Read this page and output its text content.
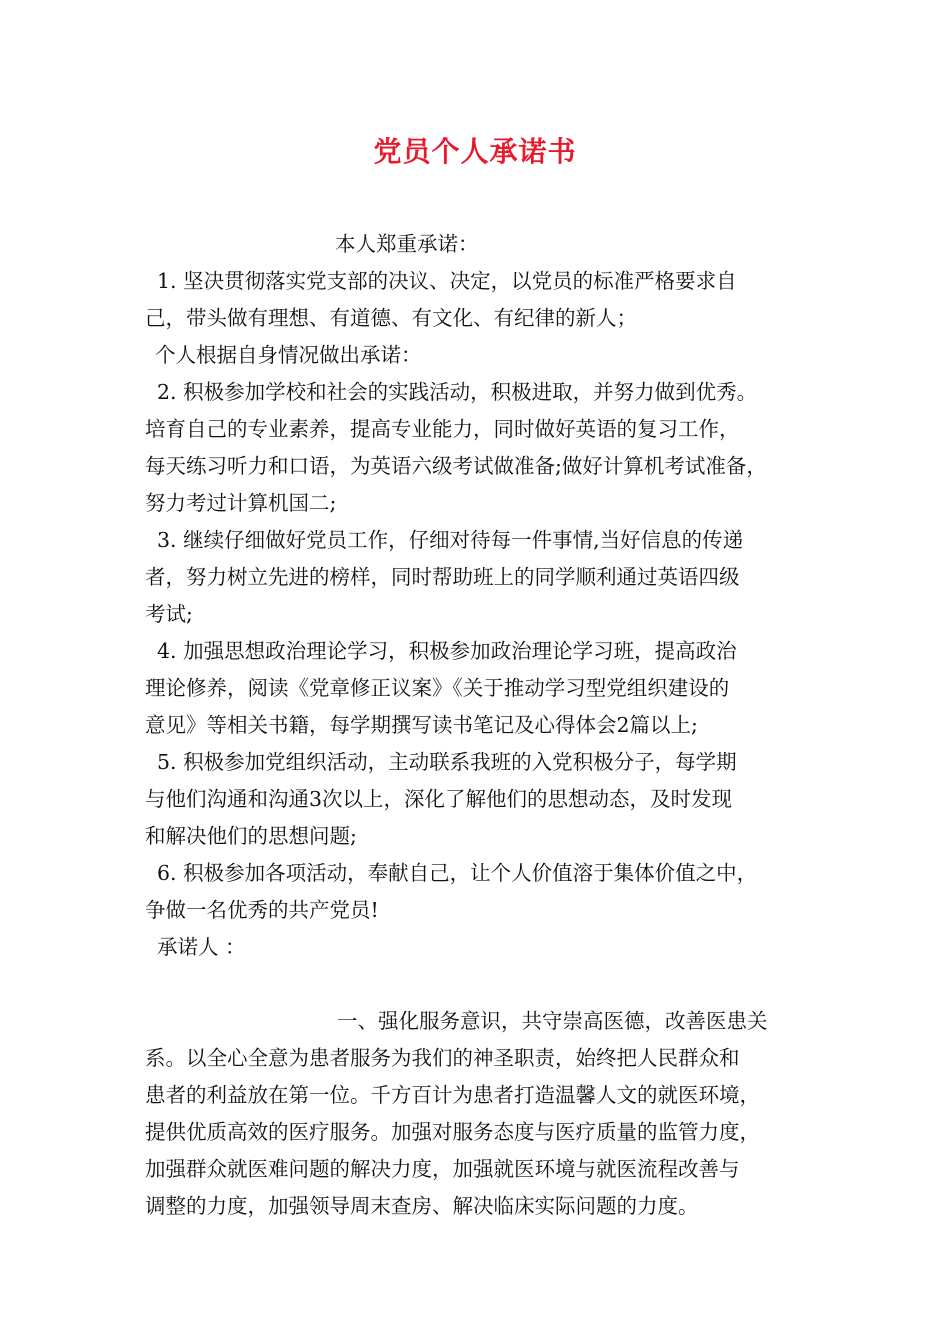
党员个人承诺书
本人郑重承诺：
1. 坚决贯彻落实党支部的决议、决定，以党员的标准严格要求自
己，带头做有理想、有道德、有文化、有纪律的新人；
个人根据自身情况做出承诺：
2. 积极参加学校和社会的实践活动，积极进取，并努力做到优秀。
培育自己的专业素养，提高专业能力，同时做好英语的复习工作，
每天练习听力和口语，为英语六级考试做准备;做好计算机考试准备，
努力考过计算机国二;
3. 继续仔细做好党员工作，仔细对待每一件事情,当好信息的传递
者，努力树立先进的榜样，同时帮助班上的同学顺利通过英语四级
考试;
4. 加强思想政治理论学习，积极参加政治理论学习班，提高政治
理论修养，阅读《党章修正议案》《关于推动学习型党组织建设的
意见》等相关书籍，每学期撰写读书笔记及心得体会2篇以上;
5. 积极参加党组织活动，主动联系我班的入党积极分子，每学期
与他们沟通和沟通3次以上，深化了解他们的思想动态，及时发现
和解决他们的思想问题;
6. 积极参加各项活动，奉献自己，让个人价值溶于集体价值之中，
争做一名优秀的共产党员!
承诺人 ：
一、强化服务意识，共守崇高医德，改善医患关
系。以全心全意为患者服务为我们的神圣职责，始终把人民群众和
患者的利益放在第一位。千方百计为患者打造温馨人文的就医环境，
提供优质高效的医疗服务。加强对服务态度与医疗质量的监管力度，
加强群众就医难问题的解决力度，加强就医环境与就医流程改善与
调整的力度，加强领导周末查房、解决临床实际问题的力度。
